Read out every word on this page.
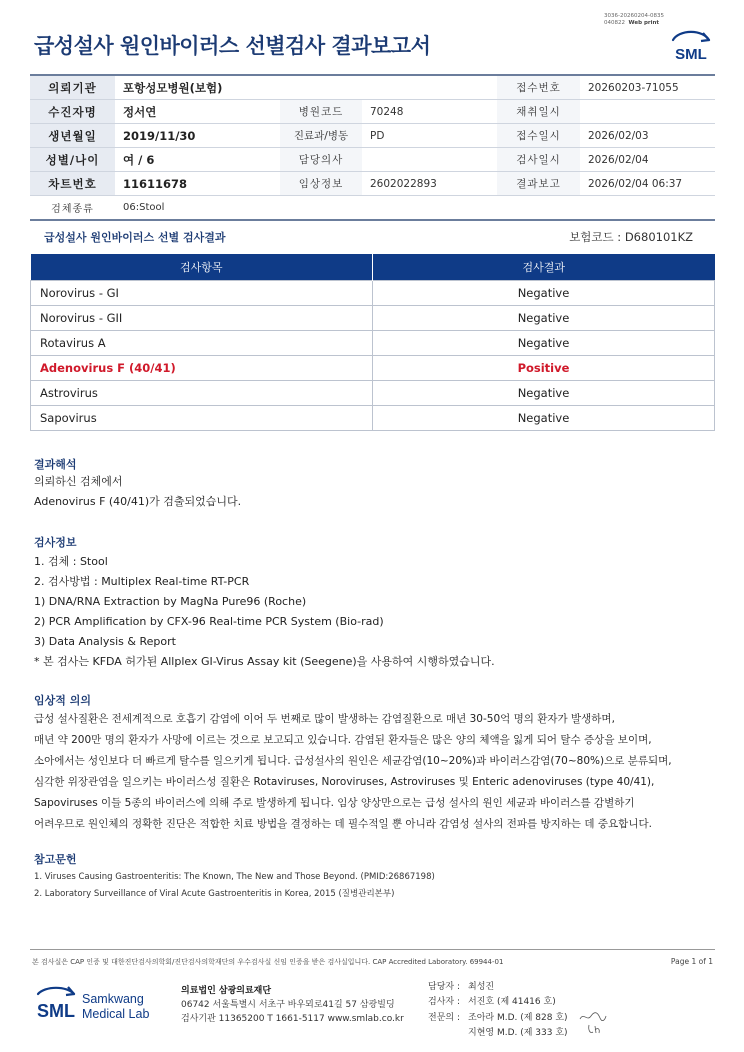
3036-20260204-0835
040822 Web print
급성설사 원인바이러스 선별검사 결과보고서	SML
의뢰기관	포항성모병원(보험)			접수번호	20260203-71055
수진자명	정서연	병원코드	70248	채취일시	
생년월일	2019/11/30	진료과/병동	PD	접수일시	2026/02/03
성별/나이	여 / 6	담당의사		검사일시	2026/02/04
차트번호	11611678	임상정보	2602022893	결과보고	2026/02/04 06:37
검체종류	06:Stool				
급성설사 원인바이러스 선별 검사결과	보험코드 : D680101KZ
검사항목	검사결과
Norovirus - GI	Negative
Norovirus - GII	Negative
Rotavirus A	Negative
Adenovirus F (40/41)	Positive
Astrovirus	Negative
Sapovirus	Negative
결과해석
의뢰하신 검체에서
Adenovirus F (40/41)가 검출되었습니다.
검사정보
1. 검체 : Stool
2. 검사방법 : Multiplex Real-time RT-PCR
1) DNA/RNA Extraction by MagNa Pure96 (Roche)
2) PCR Amplification by CFX-96 Real-time PCR System (Bio-rad)
3) Data Analysis & Report
* 본 검사는 KFDA 허가된 Allplex GI-Virus Assay kit (Seegene)을 사용하여 시행하였습니다.
임상적 의의
급성 설사질환은 전세계적으로 호흡기 감염에 이어 두 번째로 많이 발생하는 감염질환으로 매년 30-50억 명의 환자가 발생하며,
매년 약 200만 명의 환자가 사망에 이르는 것으로 보고되고 있습니다. 감염된 환자들은 많은 양의 체액을 잃게 되어 탈수 증상을 보이며,
소아에서는 성인보다 더 빠르게 탈수를 일으키게 됩니다. 급성설사의 원인은 세균감염(10~20%)과 바이러스감염(70~80%)으로 분류되며,
심각한 위장관염을 일으키는 바이러스성 질환은 Rotaviruses, Noroviruses, Astroviruses 및 Enteric adenoviruses (type 40/41),
Sapoviruses 이들 5종의 바이러스에 의해 주로 발생하게 됩니다. 임상 양상만으로는 급성 설사의 원인 세균과 바이러스를 감별하기
어려우므로 원인체의 정확한 진단은 적합한 치료 방법을 결정하는 데 필수적일 뿐 아니라 감염성 설사의 전파를 방지하는 데 중요합니다.
참고문헌
1. Viruses Causing Gastroenteritis: The Known, The New and Those Beyond. (PMID:26867198)
2. Laboratory Surveillance of Viral Acute Gastroenteritis in Korea, 2015 (질병관리본부)
본 검사실은 CAP 인증 및 대한진단검사의학회/진단검사의학재단의 우수검사실 신임 인증을 받은 검사실입니다. CAP Accredited Laboratory. 69944-01	Page 1 of 1
SML
Samkwang
Medical Lab
의료법인 삼광의료재단
06742 서울특별시 서초구 바우뫼로41길 57 삼광빌딩
검사기관 11365200 T 1661-5117 www.smlab.co.kr
담당자 : 최성진
검사자 : 서진호 (제 41416 호)
전문의 : 조아라 M.D. (제 828 호)
지현영 M.D. (제 333 호)
